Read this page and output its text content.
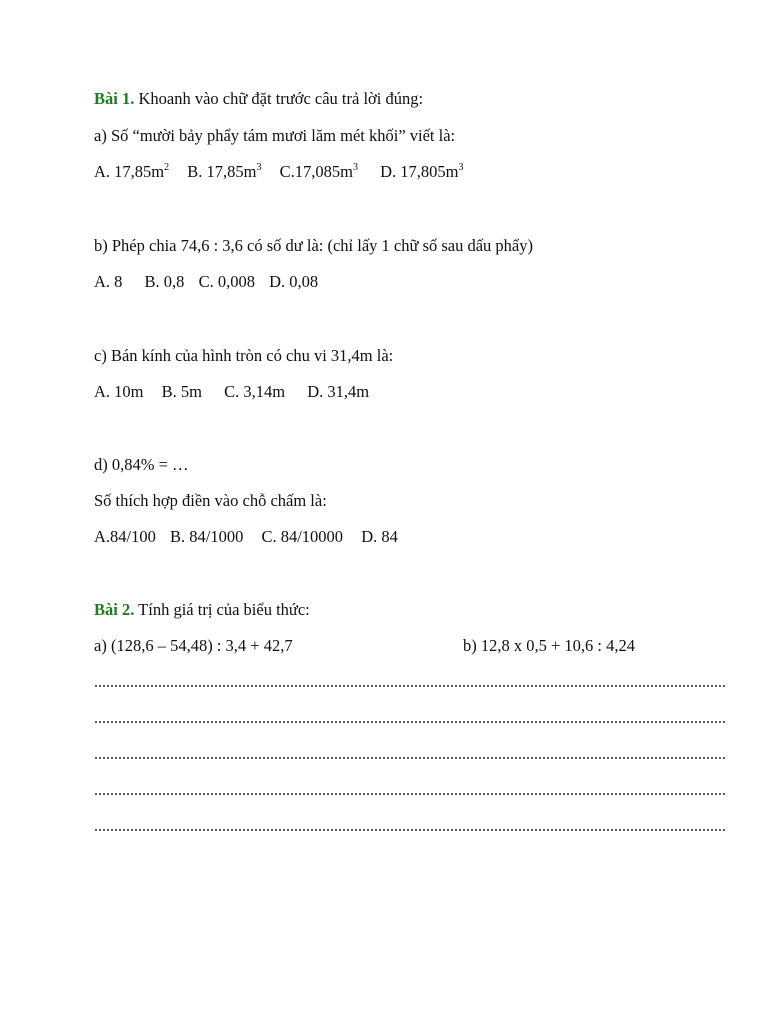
Bài 1. Khoanh vào chữ đặt trước câu trả lời đúng:
a) Số “mười bảy phẩy tám mươi lăm mét khối” viết là:
A. $17,85m^2$ B. $17,85m^3$ $C.17,085m^3$ D. $17,805m^3$
b) Phép chia 74,6 : 3,6 có số dư là: (chỉ lấy 1 chữ số sau dấu phẩy)
A. 8 B. 0,8 C. 0,008 D. 0,08
c) Bán kính của hình tròn có chu vi 31,4m là:
A. 10m B. 5m C. 3,14m D. 31,4m
d) 0,84% = …
Số thích hợp điền vào chỗ chấm là:
A.84/100 B. 84/1000 C. 84/10000 D. 84
Bài 2. Tính giá trị của biểu thức:
a) (128,6 – 54,48) : 3,4 + 42,7	b) 12,8 x 0,5 + 10,6 : 4,24
